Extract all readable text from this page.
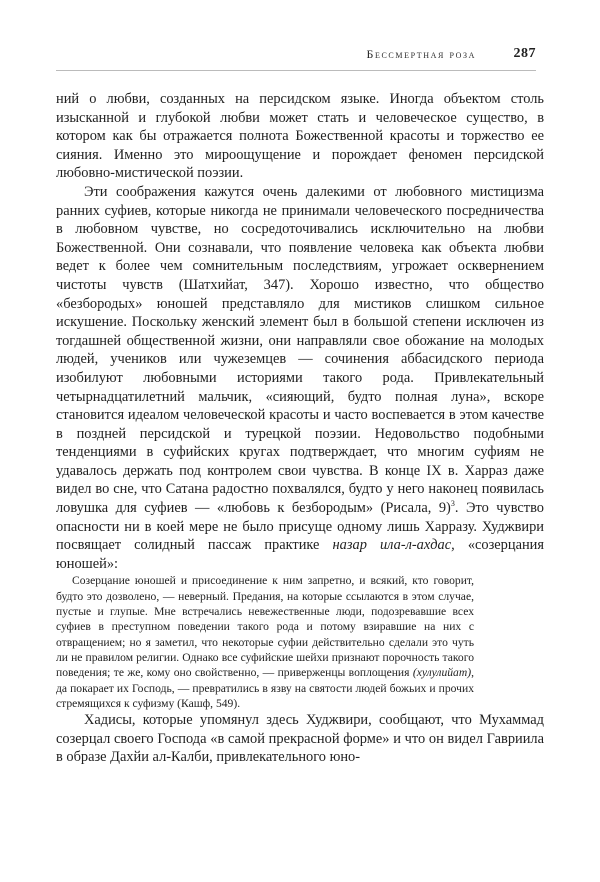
Бессмертная роза	287

ний о любви, созданных на персидском языке. Иногда объектом столь изысканной и глубокой любви может стать и человеческое существо, в котором как бы отражается полнота Божественной красоты и торжество ее сияния. Именно это мироощущение и порождает феномен персидской любовно-мистической поэзии.

Эти соображения кажутся очень далекими от любовного мистицизма ранних суфиев, которые никогда не принимали человеческого посредничества в любовном чувстве, но сосредоточивались исключительно на любви Божественной. Они сознавали, что появление человека как объекта любви ведет к более чем сомнительным последствиям, угрожает осквернением чистоты чувств (Шатхийат, 347). Хорошо известно, что общество «безбородых» юношей представляло для мистиков слишком сильное искушение. Поскольку женский элемент был в большой степени исключен из тогдашней общественной жизни, они направляли свое обожание на молодых людей, учеников или чужеземцев — сочинения аббасидского периода изобилуют любовными историями такого рода. Привлекательный четырнадцатилетний мальчик, «сияющий, будто полная луна», вскоре становится идеалом человеческой красоты и часто воспевается в этом качестве в поздней персидской и турецкой поэзии. Недовольство подобными тенденциями в суфийских кругах подтверждает, что многим суфиям не удавалось держать под контролем свои чувства. В конце IX в. Харраз даже видел во сне, что Сатана радостно похвалялся, будто у него наконец появилась ловушка для суфиев — «любовь к безбородым» (Рисала, 9)$^3$. Это чувство опасности ни в коей мере не было присуще одному лишь Харразу. Худжвири посвящает солидный пассаж практике назар ила-л-ахдас, «созерцания юношей»:

Созерцание юношей и присоединение к ним запретно, и всякий, кто говорит, будто это дозволено, — неверный. Предания, на которые ссылаются в этом случае, пустые и глупые. Мне встречались невежественные люди, подозревавшие всех суфиев в преступном поведении такого рода и потому взиравшие на них с отвращением; но я заметил, что некоторые суфии действительно сделали это чуть ли не правилом религии. Однако все суфийские шейхи признают порочность такого поведения; те же, кому оно свойственно, — приверженцы воплощения (хулулийат), да покарает их Господь, — превратились в язву на святости людей божьих и прочих стремящихся к суфизму (Кашф, 549).

Хадисы, которые упомянул здесь Худжвири, сообщают, что Мухаммад созерцал своего Господа «в самой прекрасной форме» и что он видел Гавриила в образе Дахйи ал-Калби, привлекательного юно-
